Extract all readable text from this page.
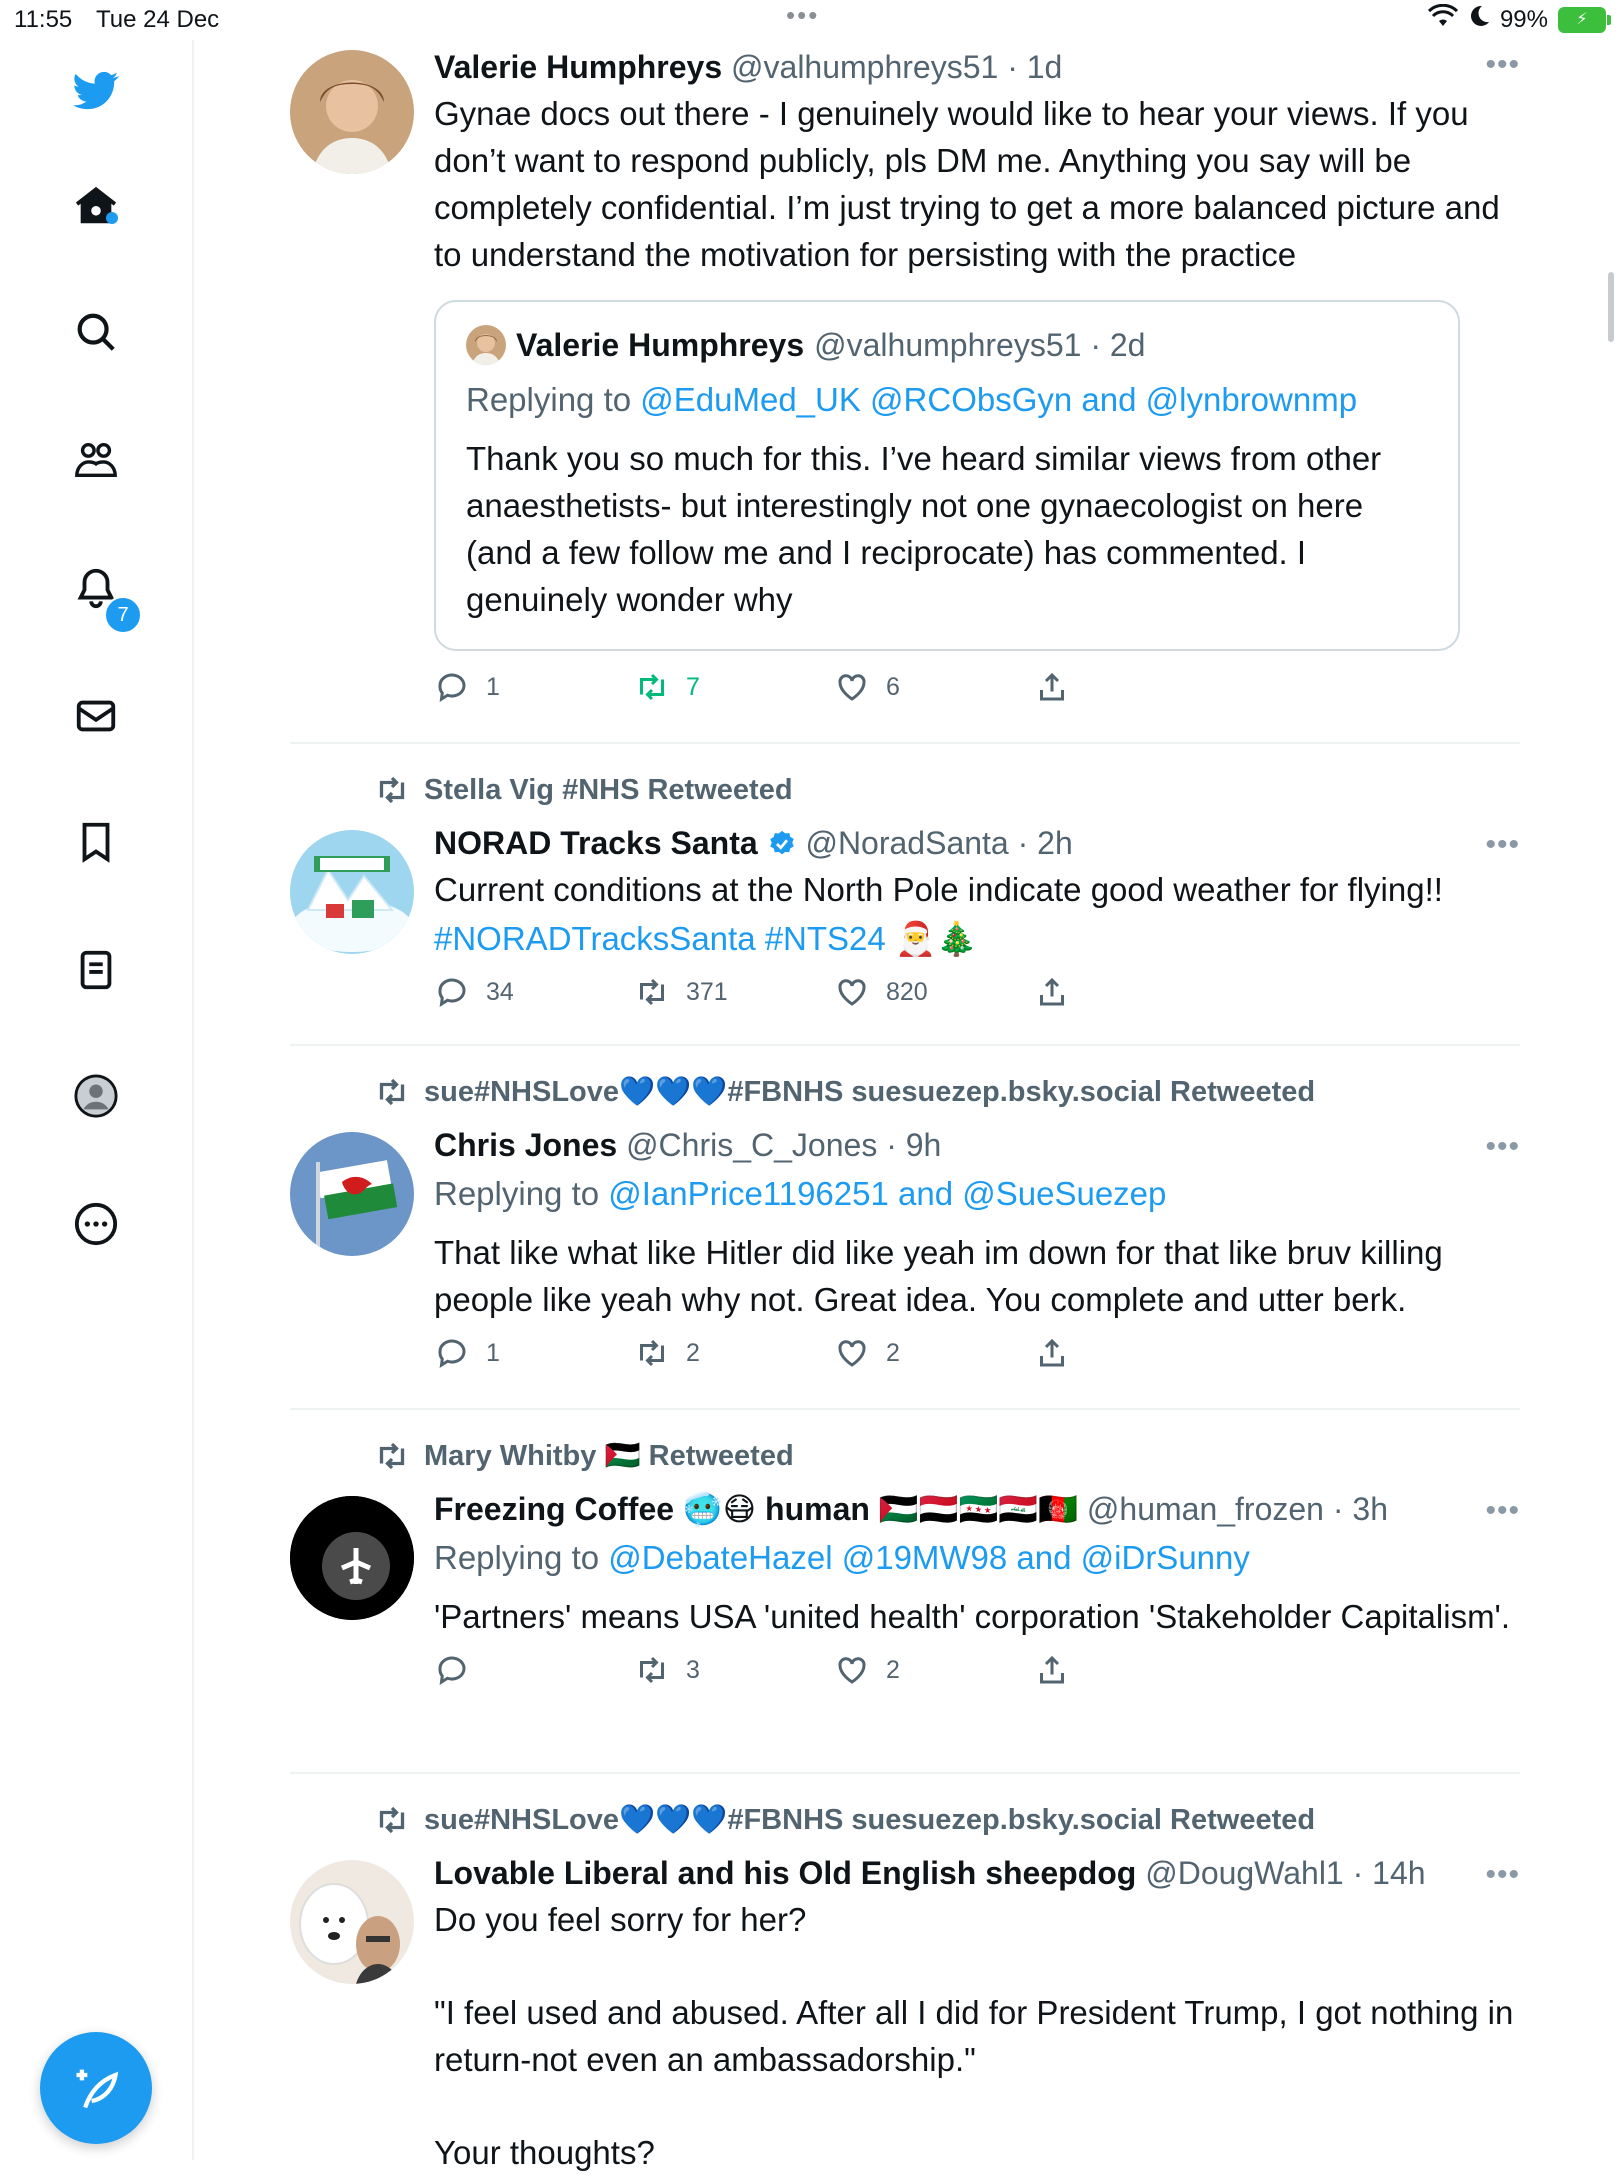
11:55 Tue 24 Dec	•••	99%	⚡
7
•••
Valerie Humphreys @valhumphreys51 · 1d
Gynae docs out there - I genuinely would like to hear your views. If you don’t want to respond publicly, pls DM me. Anything you say will be completely confidential. I’m just trying to get a more balanced picture and to understand the motivation for persisting with the practice
Valerie Humphreys @valhumphreys51 · 2d
Replying to @EduMed_UK @RCObsGyn and @lynbrownmp
Thank you so much for this. I’ve heard similar views from other anaesthetists- but interestingly not one gynaecologist on here (and a few follow me and I reciprocate) has commented. I genuinely wonder why
1	7	6
Stella Vig #NHS Retweeted
•••
NORAD Tracks Santa @NoradSanta · 2h
Current conditions at the North Pole indicate good weather for flying!!
#NORADTracksSanta #NTS24 🎅🎄
34	371	820
sue#NHSLove💙💙💙#FBNHS suesuezep.bsky.social Retweeted
•••
Chris Jones @Chris_C_Jones · 9h
Replying to @IanPrice1196251 and @SueSuezep
That like what like Hitler did like yeah im down for that like bruv killing people like yeah why not. Great idea. You complete and utter berk.
1	2	2
Mary Whitby 🇵🇸 Retweeted
•••
Freezing Coffee 🥶😷 human 🇵🇸🇾🇪🇸🇾🇮🇶🇦🇫 @human_frozen · 3h
Replying to @DebateHazel @19MW98 and @iDrSunny
'Partners' means USA 'united health' corporation 'Stakeholder Capitalism'.
3	2
sue#NHSLove💙💙💙#FBNHS suesuezep.bsky.social Retweeted
•••
Lovable Liberal and his Old English sheepdog @DougWahl1 · 14h
Do you feel sorry for her?
"I feel used and abused. After all I did for President Trump, I got nothing in return-not even an ambassadorship."
Your thoughts?
